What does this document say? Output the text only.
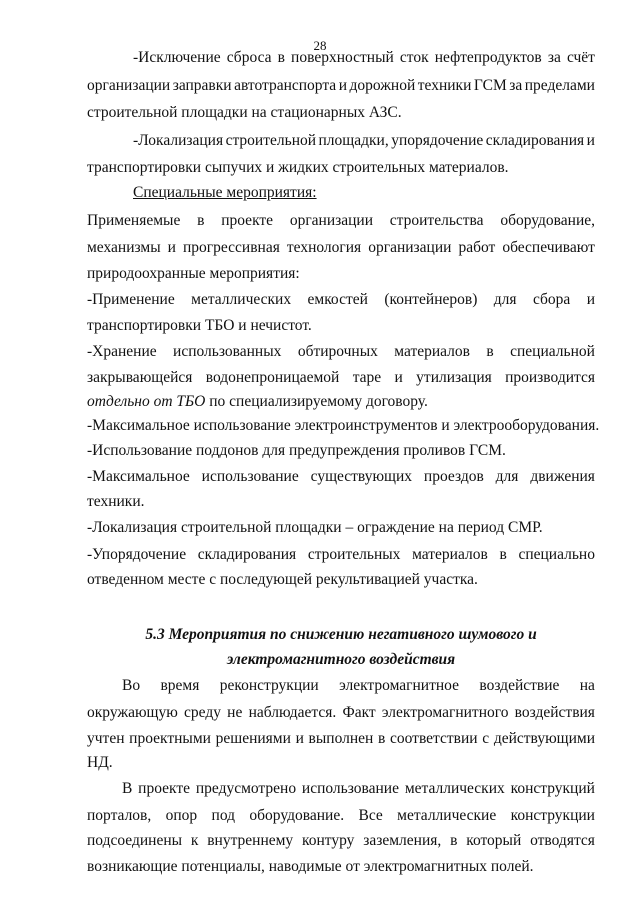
28
-Исключение сброса в поверхностный сток нефтепродуктов за счёт
организации заправки автотранспорта и дорожной техники ГСМ за пределами
строительной площадки на стационарных АЗС.
-Локализация строительной площадки, упорядочение складирования и
транспортировки сыпучих и жидких строительных материалов.
Специальные мероприятия:
Применяемые в проекте организации строительства оборудование,
механизмы и прогрессивная технология организации работ обеспечивают
природоохранные мероприятия:
-Применение металлических емкостей (контейнеров) для сбора и
транспортировки ТБО и нечистот.
-Хранение использованных обтирочных материалов в специальной
закрывающейся водонепроницаемой таре и утилизация производится
отдельно от ТБО по специализируемому договору.
-Максимальное использование электроинструментов и электрооборудования.
-Использование поддонов для предупреждения проливов ГСМ.
-Максимальное использование существующих проездов для движения
техники.
-Локализация строительной площадки – ограждение на период СМР.
-Упорядочение складирования строительных материалов в специально
отведенном месте с последующей рекультивацией участка.
5.3 Мероприятия по снижению негативного шумового и
электромагнитного воздействия
Во время реконструкции электромагнитное воздействие на
окружающую среду не наблюдается. Факт электромагнитного воздействия
учтен проектными решениями и выполнен в соответствии с действующими
НД.
В проекте предусмотрено использование металлических конструкций
порталов, опор под оборудование. Все металлические конструкции
подсоединены к внутреннему контуру заземления, в который отводятся
возникающие потенциалы, наводимые от электромагнитных полей.
